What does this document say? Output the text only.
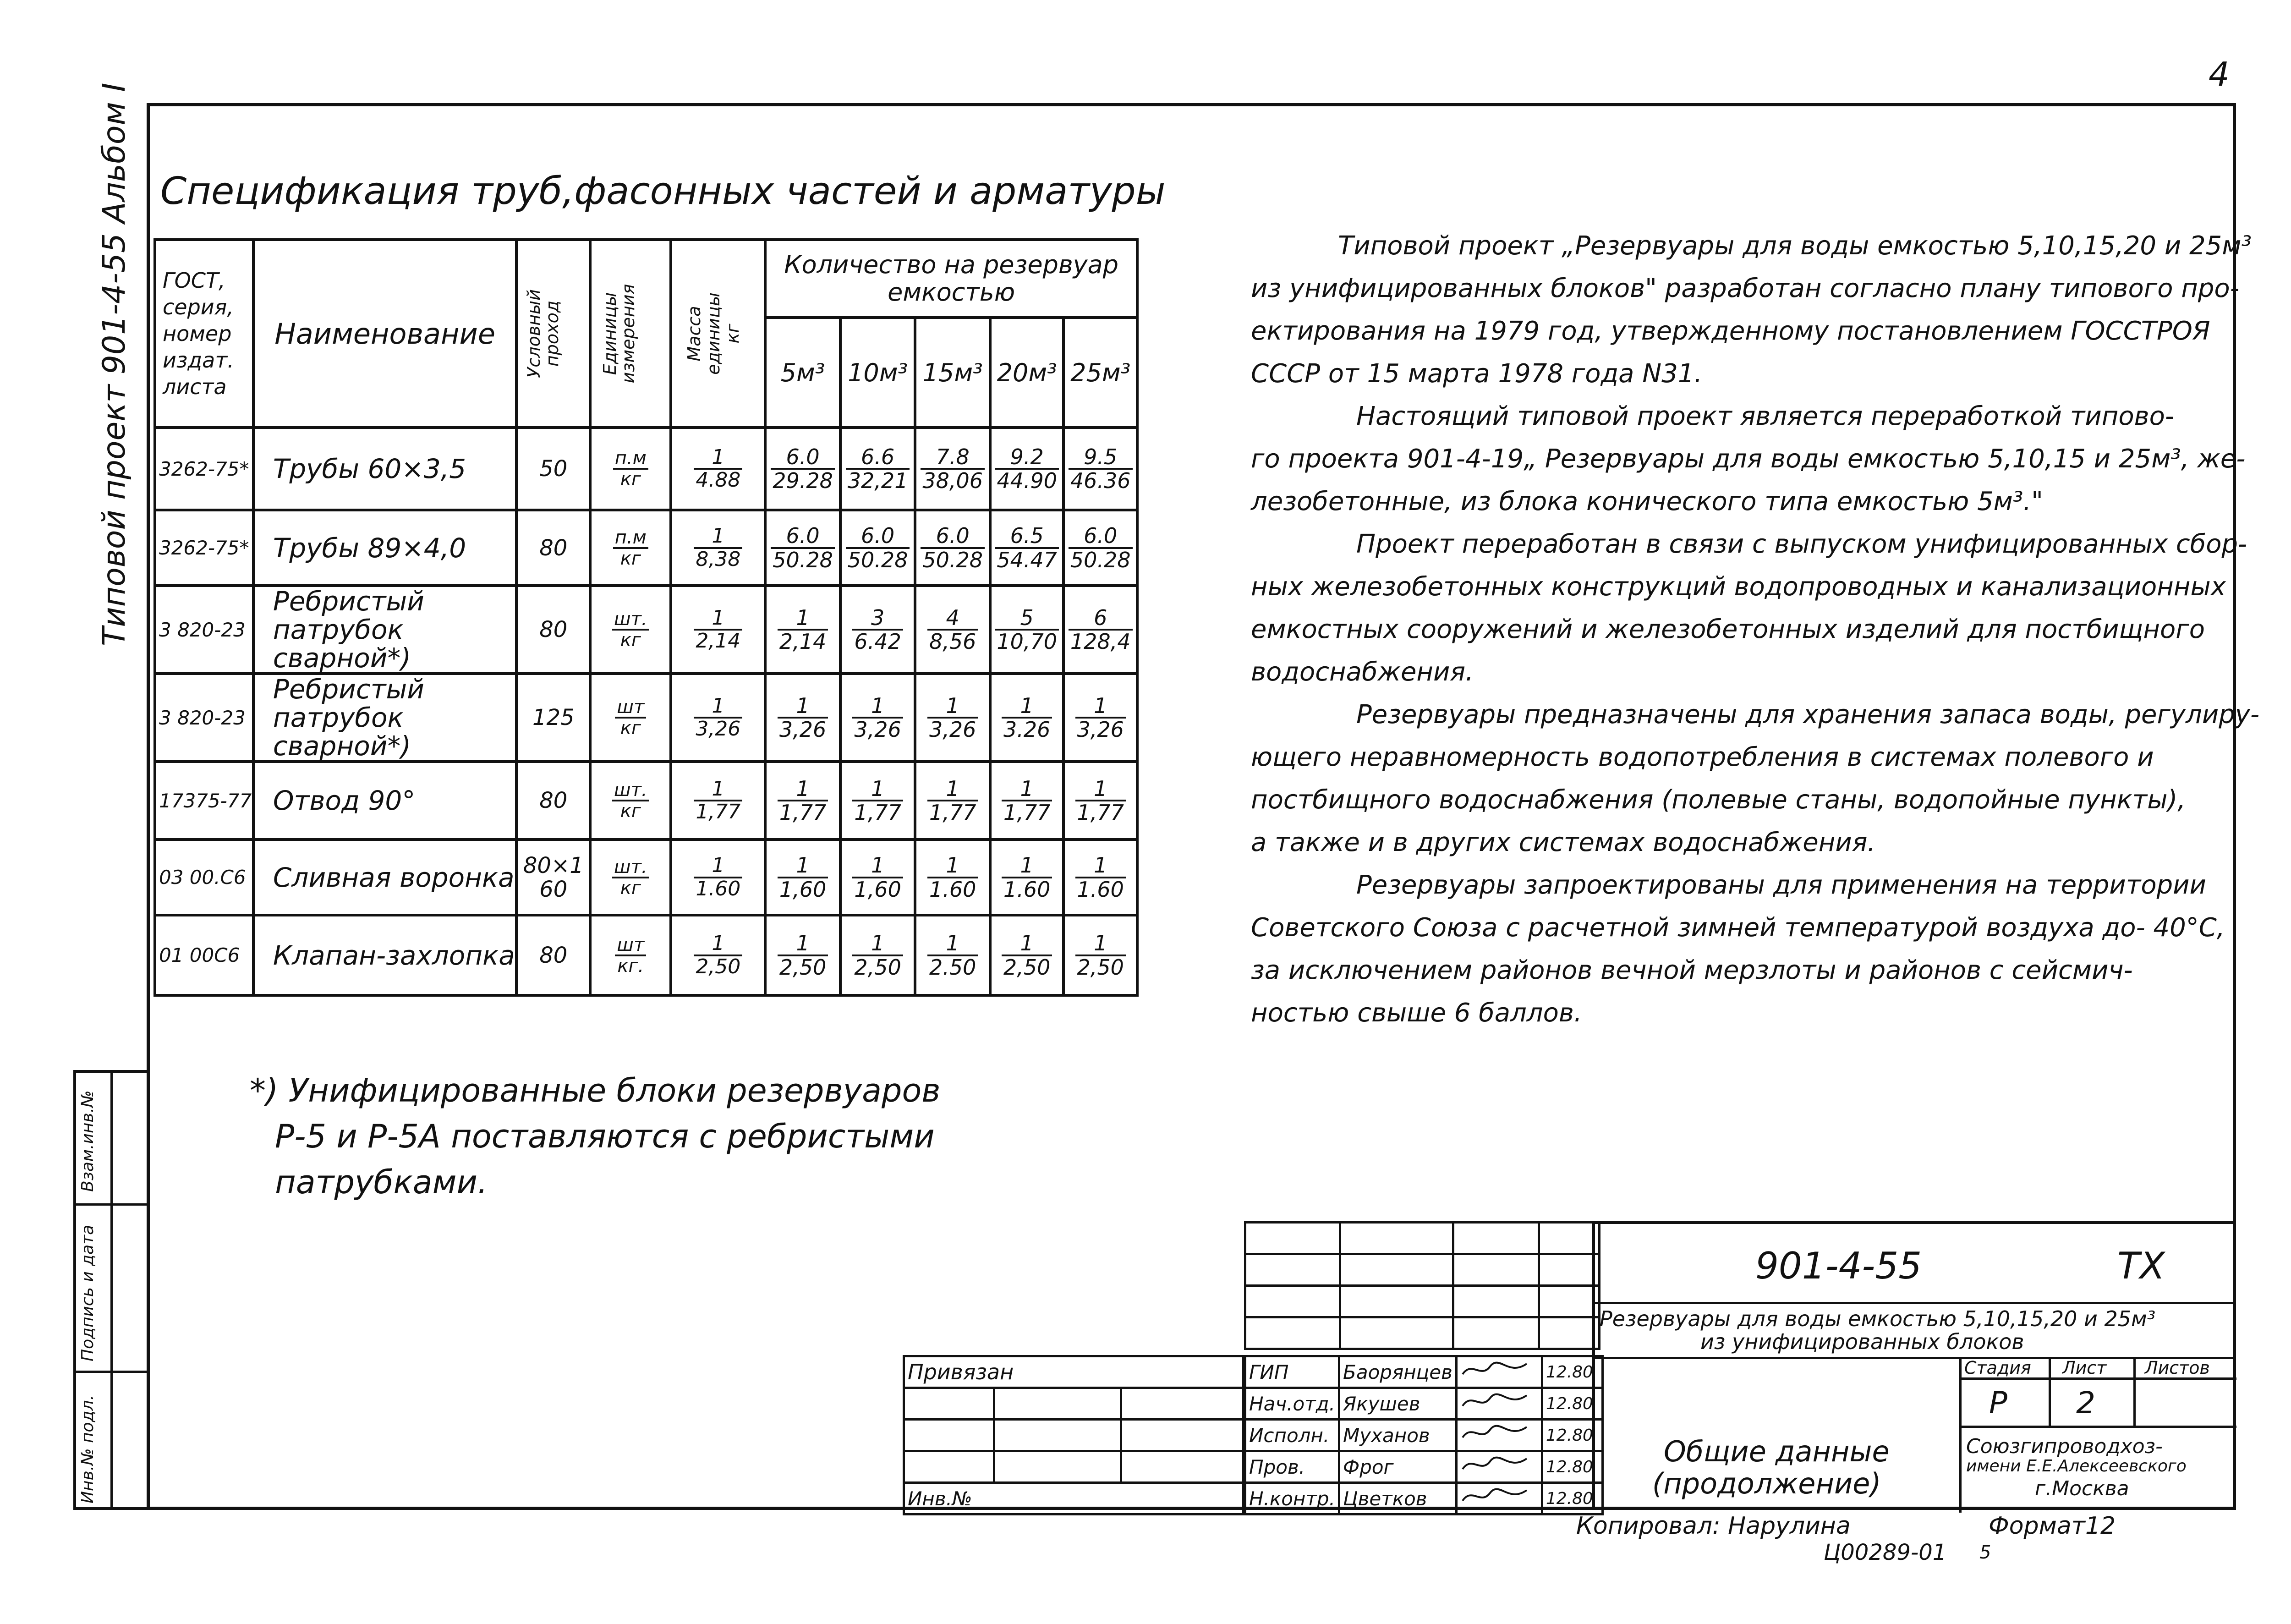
4
Типовой проект 901-4-55 Альбом I
Взам.инв.№
Подпись и дата
Инв.№ подл.
Спецификация труб,фасонных частей и арматуры
ГОСТ, серия, номер издат. листа	Наименование	Условный проход	Единицы измерения	Масса единицы кг	Количество на резервуар емкостью				
					5м³	10м³	15м³	20м³	25м³
3262-75*	Трубы 60×3,5	50	$\frac{п.м}{кг}$	$\frac{1}{4.88}$	$\frac{6.0}{29.28}$	$\frac{6.6}{32,21}$	$\frac{7.8}{38,06}$	$\frac{9.2}{44.90}$	$\frac{9.5}{46.36}$

3262-75*	Трубы 89×4,0	80	$\frac{п.м}{кг}$	$\frac{1}{8,38}$	$\frac{6.0}{50.28}$	$\frac{6.0}{50.28}$	$\frac{6.0}{50.28}$	$\frac{6.5}{54.47}$	$\frac{6.0}{50.28}$

3 820-23	Ребристый патрубок сварной*)	80	$\frac{шт.}{кг}$	$\frac{1}{2,14}$	$\frac{1}{2,14}$	$\frac{3}{6.42}$	$\frac{4}{8,56}$	$\frac{5}{10,70}$	$\frac{6}{128,4}$

3 820-23	Ребристый патрубок сварной*)	125	$\frac{шт}{кг}$	$\frac{1}{3,26}$	$\frac{1}{3,26}$	$\frac{1}{3,26}$	$\frac{1}{3,26}$	$\frac{1}{3.26}$	$\frac{1}{3,26}$

17375-77	Отвод 90°	80	$\frac{шт.}{кг}$	$\frac{1}{1,77}$	$\frac{1}{1,77}$	$\frac{1}{1,77}$	$\frac{1}{1,77}$	$\frac{1}{1,77}$	$\frac{1}{1,77}$

03 00.С6	Сливная воронка	80×160	$\frac{шт.}{кг}$	$\frac{1}{1.60}$	$\frac{1}{1,60}$	$\frac{1}{1,60}$	$\frac{1}{1.60}$	$\frac{1}{1.60}$	$\frac{1}{1.60}$

01 00С6	Клапан-захлопка	80	$\frac{шт}{кг.}$	$\frac{1}{2,50}$	$\frac{1}{2,50}$	$\frac{1}{2,50}$	$\frac{1}{2.50}$	$\frac{1}{2,50}$	$\frac{1}{2,50}$
*) Унифицированные блоки резервуаров
Р-5 и Р-5А поставляются с ребристыми
патрубками.
Типовой проект „Резервуары для воды емкостью 5,10,15,20 и 25м³
из унифицированных блоков" разработан согласно плану типового про-
ектирования на 1979 год, утвержденному постановлением ГОССТРОЯ
СССР от 15 марта 1978 года N31.
Настоящий типовой проект является переработкой типово-
го проекта 901-4-19„ Резервуары для воды емкостью 5,10,15 и 25м³, же-
лезобетонные, из блока конического типа емкостью 5м³."
Проект переработан в связи с выпуском унифицированных сбор-
ных железобетонных конструкций водопроводных и канализационных
емкостных сооружений и железобетонных изделий для постбищного
водоснабжения.
Резервуары предназначены для хранения запаса воды, регулиру-
ющего неравномерность водопотребления в системах полевого и
постбищного водоснабжения (полевые станы, водопойные пункты),
а также и в других системах водоснабжения.
Резервуары запроектированы для применения на территории
Советского Союза с расчетной зимней температурой воздуха до- 40°С,
за исключением районов вечной мерзлоты и районов с сейсмич-
ностью свыше 6 баллов.

ГИП	Баорянцев		12.80
Нач.отд.	Якушев		12.80
Исполн.	Муханов		12.80
Пров.	Фрог		12.80
Н.контр.	Цветков		12.80
Привязан		

Инв.№		
901-4-55	ТХ
Резервуары для воды емкостью 5,10,15,20 и 25м³
из унифицированных блоков
Общие данные
(продолжение)
Стадия Лист Листов
Р 2
Союзгипроводхоз-
имени Е.Е.Алексеевского
г.Москва
Копировал: Нарулина
Ц00289-01 5
Формат12
